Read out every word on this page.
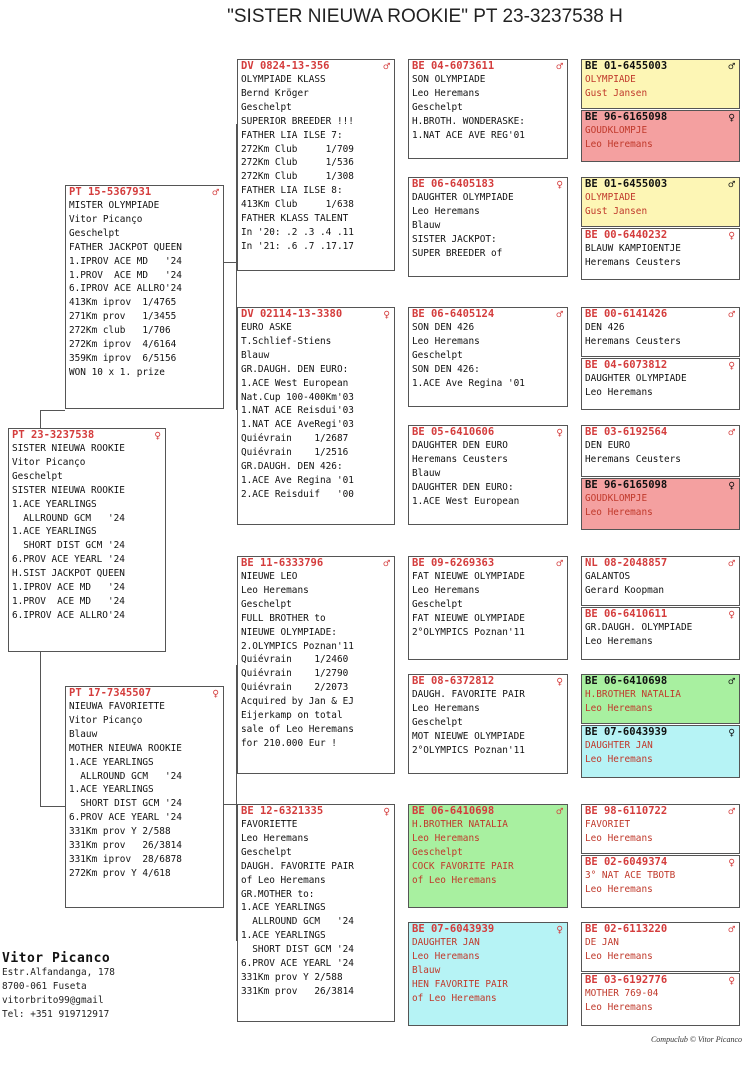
"SISTER NIEUWA ROOKIE" PT 23-3237538 H
PT 23-3237538	♀
SISTER NIEUWA ROOKIE
Vitor Picanço
Geschelpt
SISTER NIEUWA ROOKIE
1.ACE YEARLINGS
ALLROUND GCM   '24
1.ACE YEARLINGS
SHORT DIST GCM '24
6.PROV ACE YEARL '24
H.SIST JACKPOT QUEEN
1.IPROV ACE MD   '24
1.PROV  ACE MD   '24
6.IPROV ACE ALLRO'24
PT 15-5367931	♂
MISTER OLYMPIADE
Vitor Picanço
Geschelpt
FATHER JACKPOT QUEEN
1.IPROV ACE MD   '24
1.PROV  ACE MD   '24
6.IPROV ACE ALLRO'24
413Km iprov  1/4765
271Km prov   1/3455
272Km club   1/706
272Km iprov  4/6164
359Km iprov  6/5156
WON 10 x 1. prize
PT 17-7345507	♀
NIEUWA FAVORIETTE
Vitor Picanço
Blauw
MOTHER NIEUWA ROOKIE
1.ACE YEARLINGS
ALLROUND GCM   '24
1.ACE YEARLINGS
SHORT DIST GCM '24
6.PROV ACE YEARL '24
331Km prov Y 2/588
331Km prov   26/3814
331Km iprov  28/6878
272Km prov Y 4/618
DV 0824-13-356	♂
OLYMPIADE KLASS
Bernd Kröger
Geschelpt
SUPERIOR BREEDER !!!
FATHER LIA ILSE 7:
272Km Club     1/709
272Km Club     1/536
272Km Club     1/308
FATHER LIA ILSE 8:
413Km Club     1/638
FATHER KLASS TALENT
In '20: .2 .3 .4 .11
In '21: .6 .7 .17.17
DV 02114-13-3380	♀
EURO ASKE
T.Schlief-Stiens
Blauw
GR.DAUGH. DEN EURO:
1.ACE West European
Nat.Cup 100-400Km'03
1.NAT ACE Reisdui'03
1.NAT ACE AveRegi'03
Quiévrain    1/2687
Quiévrain    1/2516
GR.DAUGH. DEN 426:
1.ACE Ave Regina '01
2.ACE Reisduif   '00
BE 11-6333796	♂
NIEUWE LEO
Leo Heremans
Geschelpt
FULL BROTHER to
NIEUWE OLYMPIADE:
2.OLYMPICS Poznan'11
Quiévrain    1/2460
Quiévrain    1/2790
Quiévrain    2/2073
Acquired by Jan & EJ
Eijerkamp on total
sale of Leo Heremans
for 210.000 Eur !
BE 12-6321335	♀
FAVORIETTE
Leo Heremans
Geschelpt
DAUGH. FAVORITE PAIR
of Leo Heremans
GR.MOTHER to:
1.ACE YEARLINGS
ALLROUND GCM   '24
1.ACE YEARLINGS
SHORT DIST GCM '24
6.PROV ACE YEARL '24
331Km prov Y 2/588
331Km prov   26/3814
BE 04-6073611	♂
SON OLYMPIADE
Leo Heremans
Geschelpt
H.BROTH. WONDERASKE:
1.NAT ACE AVE REG'01
BE 06-6405183	♀
DAUGHTER OLYMPIADE
Leo Heremans
Blauw
SISTER JACKPOT:
SUPER BREEDER of
BE 06-6405124	♂
SON DEN 426
Leo Heremans
Geschelpt
SON DEN 426:
1.ACE Ave Regina '01
BE 05-6410606	♀
DAUGHTER DEN EURO
Heremans Ceusters
Blauw
DAUGHTER DEN EURO:
1.ACE West European
BE 09-6269363	♂
FAT NIEUWE OLYMPIADE
Leo Heremans
Geschelpt
FAT NIEUWE OLYMPIADE
2°OLYMPICS Poznan'11
BE 08-6372812	♀
DAUGH. FAVORITE PAIR
Leo Heremans
Geschelpt
MOT NIEUWE OLYMPIADE
2°OLYMPICS Poznan'11
BE 06-6410698	♂
H.BROTHER NATALIA
Leo Heremans
Geschelpt
COCK FAVORITE PAIR
of Leo Heremans
BE 07-6043939	♀
DAUGHTER JAN
Leo Heremans
Blauw
HEN FAVORITE PAIR
of Leo Heremans
BE 01-6455003	♂
OLYMPIADE
Gust Jansen
BE 96-6165098	♀
GOUDKLOMPJE
Leo Heremans
BE 01-6455003	♂
OLYMPIADE
Gust Jansen
BE 00-6440232	♀
BLAUW KAMPIOENTJE
Heremans Ceusters
BE 00-6141426	♂
DEN 426
Heremans Ceusters
BE 04-6073812	♀
DAUGHTER OLYMPIADE
Leo Heremans
BE 03-6192564	♂
DEN EURO
Heremans Ceusters
BE 96-6165098	♀
GOUDKLOMPJE
Leo Heremans
NL 08-2048857	♂
GALANTOS
Gerard Koopman
BE 06-6410611	♀
GR.DAUGH. OLYMPIADE
Leo Heremans
BE 06-6410698	♂
H.BROTHER NATALIA
Leo Heremans
BE 07-6043939	♀
DAUGHTER JAN
Leo Heremans
BE 98-6110722	♂
FAVORIET
Leo Heremans
BE 02-6049374	♀
3° NAT ACE TBOTB
Leo Heremans
BE 02-6113220	♂
DE JAN
Leo Heremans
BE 03-6192776	♀
MOTHER 769-04
Leo Heremans
Vitor Picanco
Estr.Alfandanga, 178
8700-061 Fuseta
vitorbrito99@gmail
Tel: +351 919712917
Compuclub © Vitor Picanco
